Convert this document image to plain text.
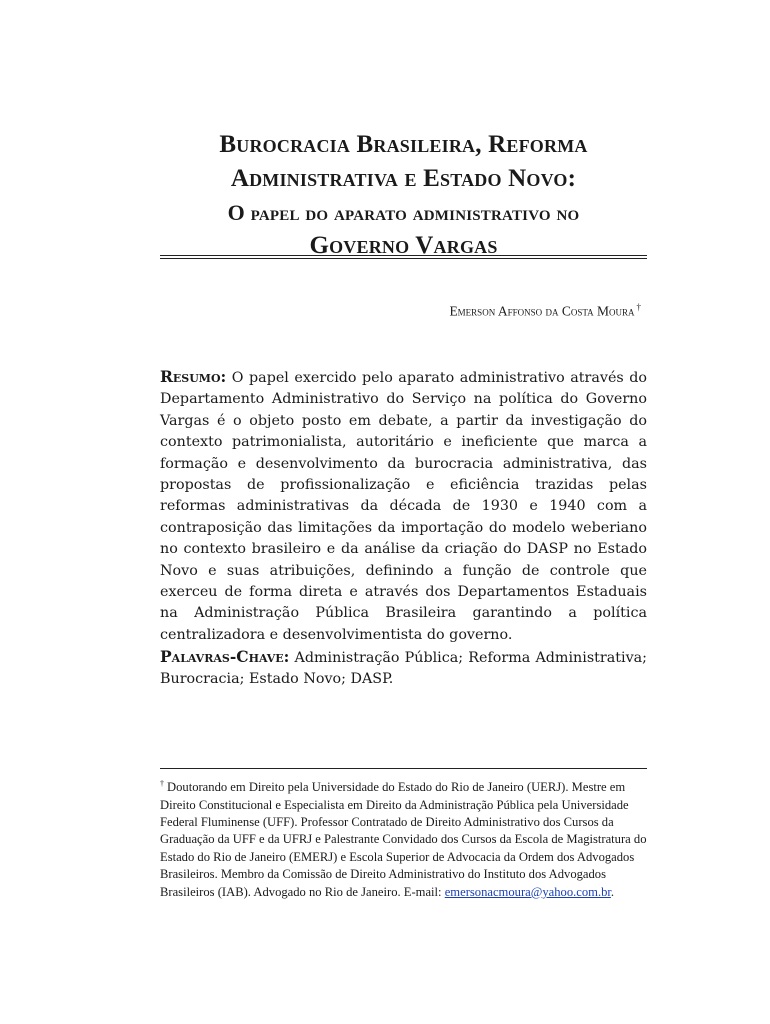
Burocracia Brasileira, Reforma
Administrativa e Estado Novo:
O papel do aparato administrativo no
Governo Vargas
Emerson Affonso da Costa Moura †
Resumo: O papel exercido pelo aparato administrativo através do Departamento Administrativo do Serviço na política do Governo Vargas é o objeto posto em debate, a partir da investigação do contexto patrimonialista, autoritário e ineficiente que marca a formação e desenvolvimento da burocracia administrativa, das propostas de profissionalização e eficiência trazidas pelas reformas administrativas da década de 1930 e 1940 com a contraposição das limitações da importação do modelo weberiano no contexto brasileiro e da análise da criação do DASP no Estado Novo e suas atribuições, definindo a função de controle que exerceu de forma direta e através dos Departamentos Estaduais na Administração Pública Brasileira garantindo a política centralizadora e desenvolvimentista do governo.
Palavras-Chave: Administração Pública; Reforma Administrativa; Burocracia; Estado Novo; DASP.
† Doutorando em Direito pela Universidade do Estado do Rio de Janeiro (UERJ). Mestre em Direito Constitucional e Especialista em Direito da Administração Pública pela Universidade Federal Fluminense (UFF). Professor Contratado de Direito Administrativo dos Cursos da Graduação da UFF e da UFRJ e Palestrante Convidado dos Cursos da Escola de Magistratura do Estado do Rio de Janeiro (EMERJ) e Escola Superior de Advocacia da Ordem dos Advogados Brasileiros. Membro da Comissão de Direito Administrativo do Instituto dos Advogados Brasileiros (IAB). Advogado no Rio de Janeiro. E-mail: emersonacmoura@yahoo.com.br.
